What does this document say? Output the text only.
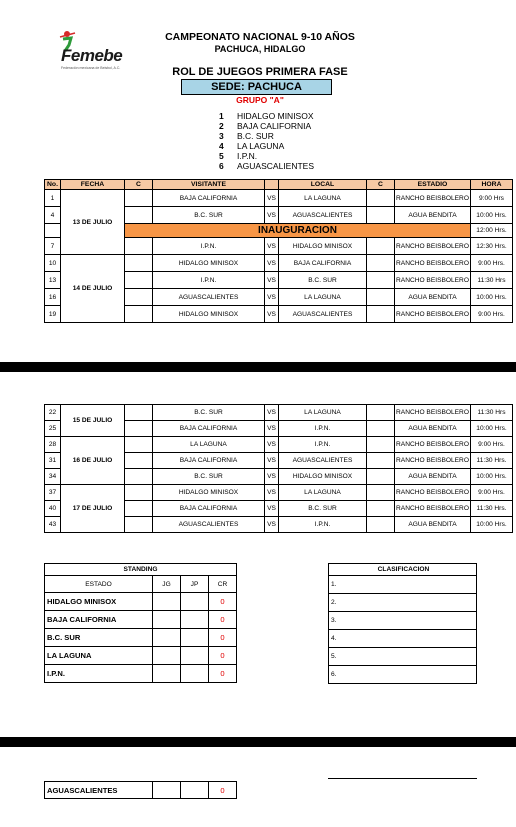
Femebe
Federación mexicana de Beisbol, A.C.
CAMPEONATO NACIONAL 9-10 AÑOS
PACHUCA, HIDALGO
ROL DE JUEGOS PRIMERA FASE
SEDE: PACHUCA
GRUPO "A"
1	HIDALGO MINISOX
2	BAJA CALIFORNIA
3	B.C. SUR
4	LA LAGUNA
5	I.P.N.
6	AGUASCALIENTES
No.	FECHA	C	VISITANTE		LOCAL	C	ESTADIO	HORA
1	13 DE JULIO		BAJA CALIFORNIA	VS	LA LAGUNA		RANCHO BEISBOLERO	9:00 Hrs
4			B.C. SUR	VS	AGUASCALIENTES		AGUA BENDITA	10:00 Hrs.
		INAUGURACION						12:00 Hrs.
7			I.P.N.	VS	HIDALGO MINISOX		RANCHO BEISBOLERO	12:30 Hrs.
10	14 DE JULIO		HIDALGO MINISOX	VS	BAJA CALIFORNIA		RANCHO BEISBOLERO	9:00 Hrs.
13			I.P.N.	VS	B.C. SUR		RANCHO BEISBOLERO	11:30 Hrs
16			AGUASCALIENTES	VS	LA LAGUNA		AGUA BENDITA	10:00 Hrs.
19			HIDALGO MINISOX	VS	AGUASCALIENTES		RANCHO BEISBOLERO	9:00 Hrs.
22	15 DE JULIO		B.C. SUR	VS	LA LAGUNA		RANCHO BEISBOLERO	11:30 Hrs
25			BAJA CALIFORNIA	VS	I.P.N.		AGUA BENDITA	10:00 Hrs.
28	16 DE JULIO		LA LAGUNA	VS	I.P.N.		RANCHO BEISBOLERO	9:00 Hrs.
31			BAJA CALIFORNIA	VS	AGUASCALIENTES		RANCHO BEISBOLERO	11:30 Hrs.
34			B.C. SUR	VS	HIDALGO MINISOX		AGUA BENDITA	10:00 Hrs.
37	17 DE JULIO		HIDALGO MINISOX	VS	LA LAGUNA		RANCHO BEISBOLERO	9:00 Hrs.
40			BAJA CALIFORNIA	VS	B.C. SUR		RANCHO BEISBOLERO	11:30 Hrs.
43			AGUASCALIENTES	VS	I.P.N.		AGUA BENDITA	10:00 Hrs.
STANDING			
ESTADO	JG	JP	CR
HIDALGO MINISOX			0
BAJA CALIFORNIA			0
B.C. SUR			0
LA LAGUNA			0
I.P.N.			0
CLASIFICACION
1.
2.
3.
4.
5.
6.
AGUASCALIENTES			0
